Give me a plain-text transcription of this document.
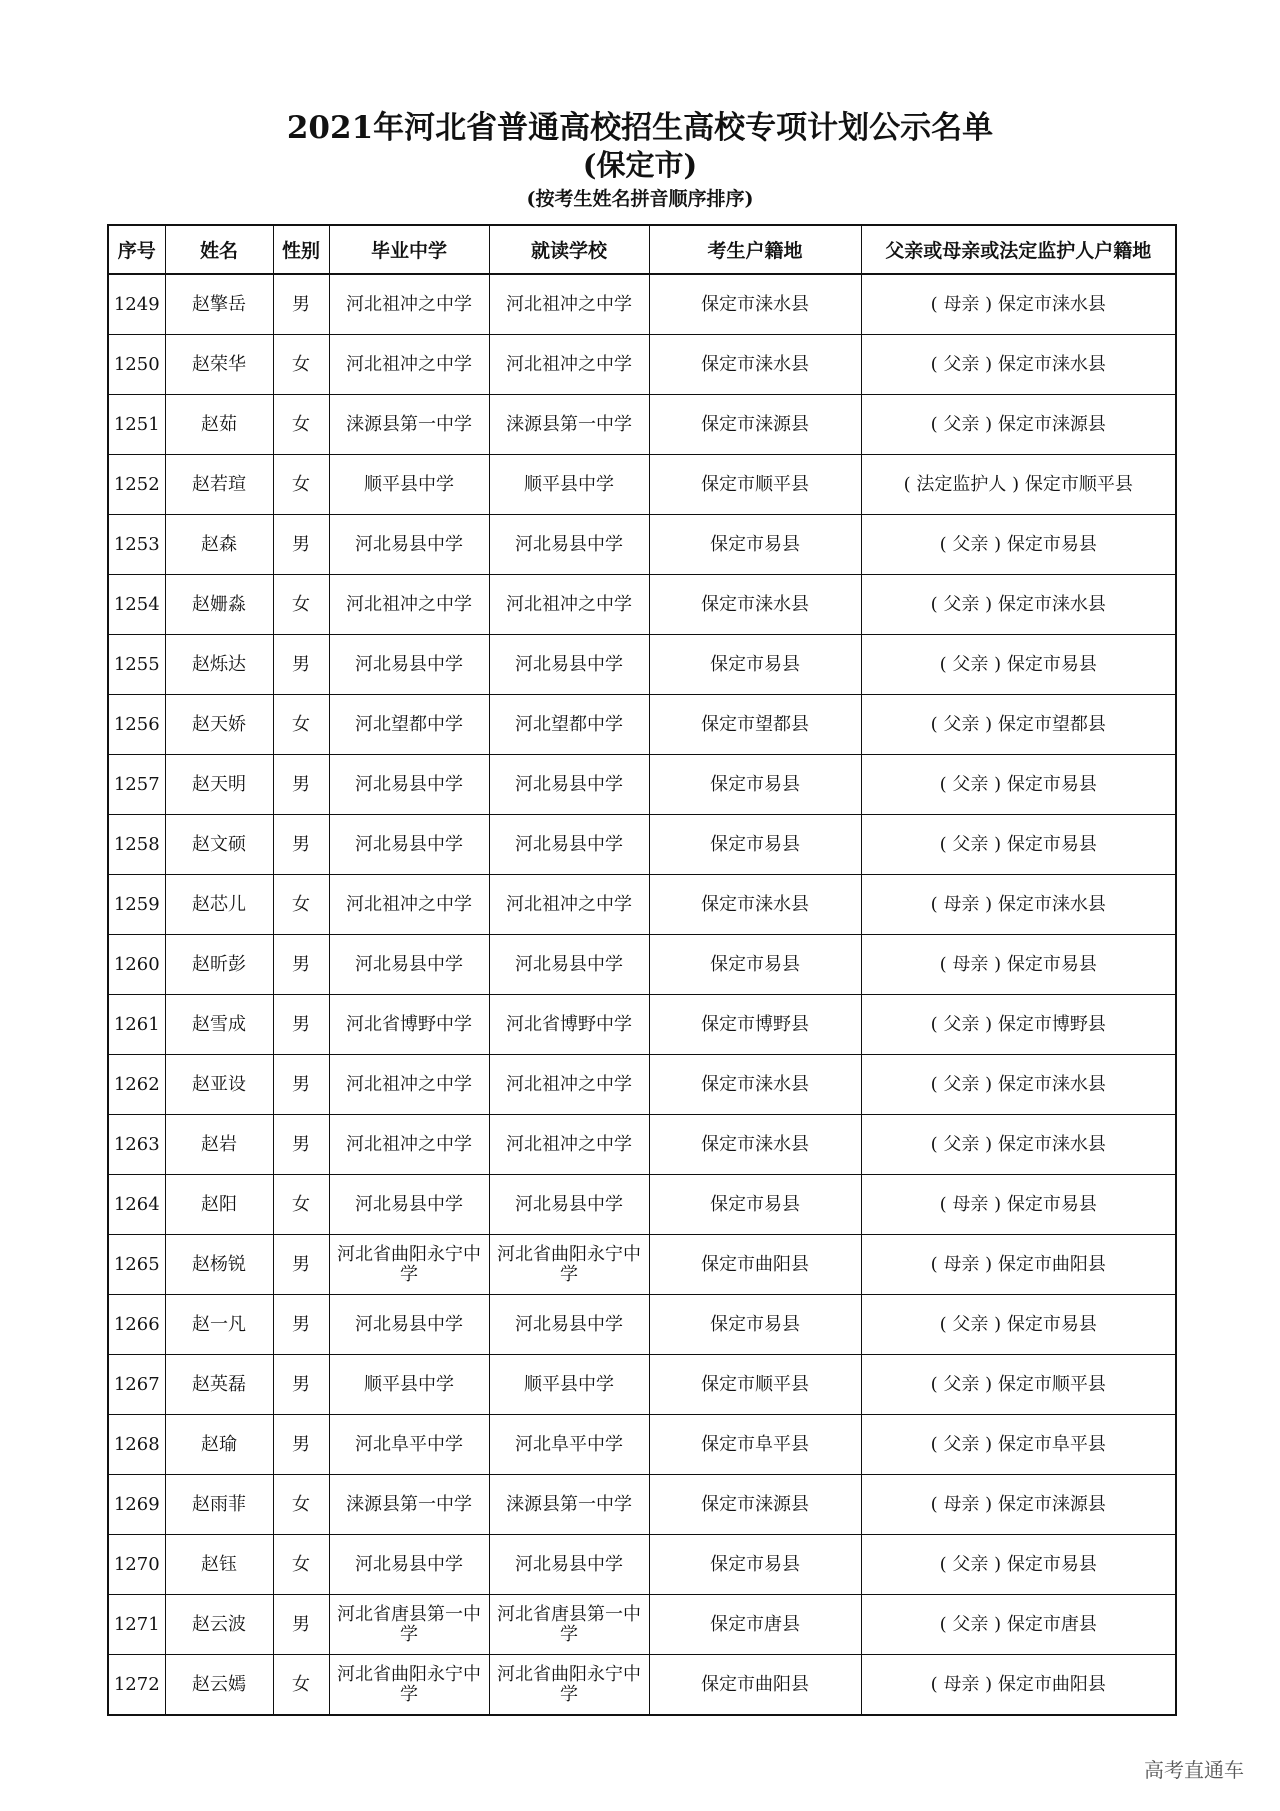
2021年河北省普通高校招生高校专项计划公示名单
(保定市)
(按考生姓名拼音顺序排序)
序号	姓名	性别	毕业中学	就读学校	考生户籍地	父亲或母亲或法定监护人户籍地
1249	赵擎岳	男	河北祖冲之中学	河北祖冲之中学	保定市涞水县	( 母亲 ) 保定市涞水县
1250	赵荣华	女	河北祖冲之中学	河北祖冲之中学	保定市涞水县	( 父亲 ) 保定市涞水县
1251	赵茹	女	涞源县第一中学	涞源县第一中学	保定市涞源县	( 父亲 ) 保定市涞源县
1252	赵若瑄	女	顺平县中学	顺平县中学	保定市顺平县	( 法定监护人 ) 保定市顺平县
1253	赵森	男	河北易县中学	河北易县中学	保定市易县	( 父亲 ) 保定市易县
1254	赵姗淼	女	河北祖冲之中学	河北祖冲之中学	保定市涞水县	( 父亲 ) 保定市涞水县
1255	赵烁达	男	河北易县中学	河北易县中学	保定市易县	( 父亲 ) 保定市易县
1256	赵天娇	女	河北望都中学	河北望都中学	保定市望都县	( 父亲 ) 保定市望都县
1257	赵天明	男	河北易县中学	河北易县中学	保定市易县	( 父亲 ) 保定市易县
1258	赵文硕	男	河北易县中学	河北易县中学	保定市易县	( 父亲 ) 保定市易县
1259	赵芯儿	女	河北祖冲之中学	河北祖冲之中学	保定市涞水县	( 母亲 ) 保定市涞水县
1260	赵昕彭	男	河北易县中学	河北易县中学	保定市易县	( 母亲 ) 保定市易县
1261	赵雪成	男	河北省博野中学	河北省博野中学	保定市博野县	( 父亲 ) 保定市博野县
1262	赵亚设	男	河北祖冲之中学	河北祖冲之中学	保定市涞水县	( 父亲 ) 保定市涞水县
1263	赵岩	男	河北祖冲之中学	河北祖冲之中学	保定市涞水县	( 父亲 ) 保定市涞水县
1264	赵阳	女	河北易县中学	河北易县中学	保定市易县	( 母亲 ) 保定市易县
1265	赵杨锐	男	河北省曲阳永宁中学	河北省曲阳永宁中学	保定市曲阳县	( 母亲 ) 保定市曲阳县
1266	赵一凡	男	河北易县中学	河北易县中学	保定市易县	( 父亲 ) 保定市易县
1267	赵英磊	男	顺平县中学	顺平县中学	保定市顺平县	( 父亲 ) 保定市顺平县
1268	赵瑜	男	河北阜平中学	河北阜平中学	保定市阜平县	( 父亲 ) 保定市阜平县
1269	赵雨菲	女	涞源县第一中学	涞源县第一中学	保定市涞源县	( 母亲 ) 保定市涞源县
1270	赵钰	女	河北易县中学	河北易县中学	保定市易县	( 父亲 ) 保定市易县
1271	赵云波	男	河北省唐县第一中学	河北省唐县第一中学	保定市唐县	( 父亲 ) 保定市唐县
1272	赵云嫣	女	河北省曲阳永宁中学	河北省曲阳永宁中学	保定市曲阳县	( 母亲 ) 保定市曲阳县
高考直通车
